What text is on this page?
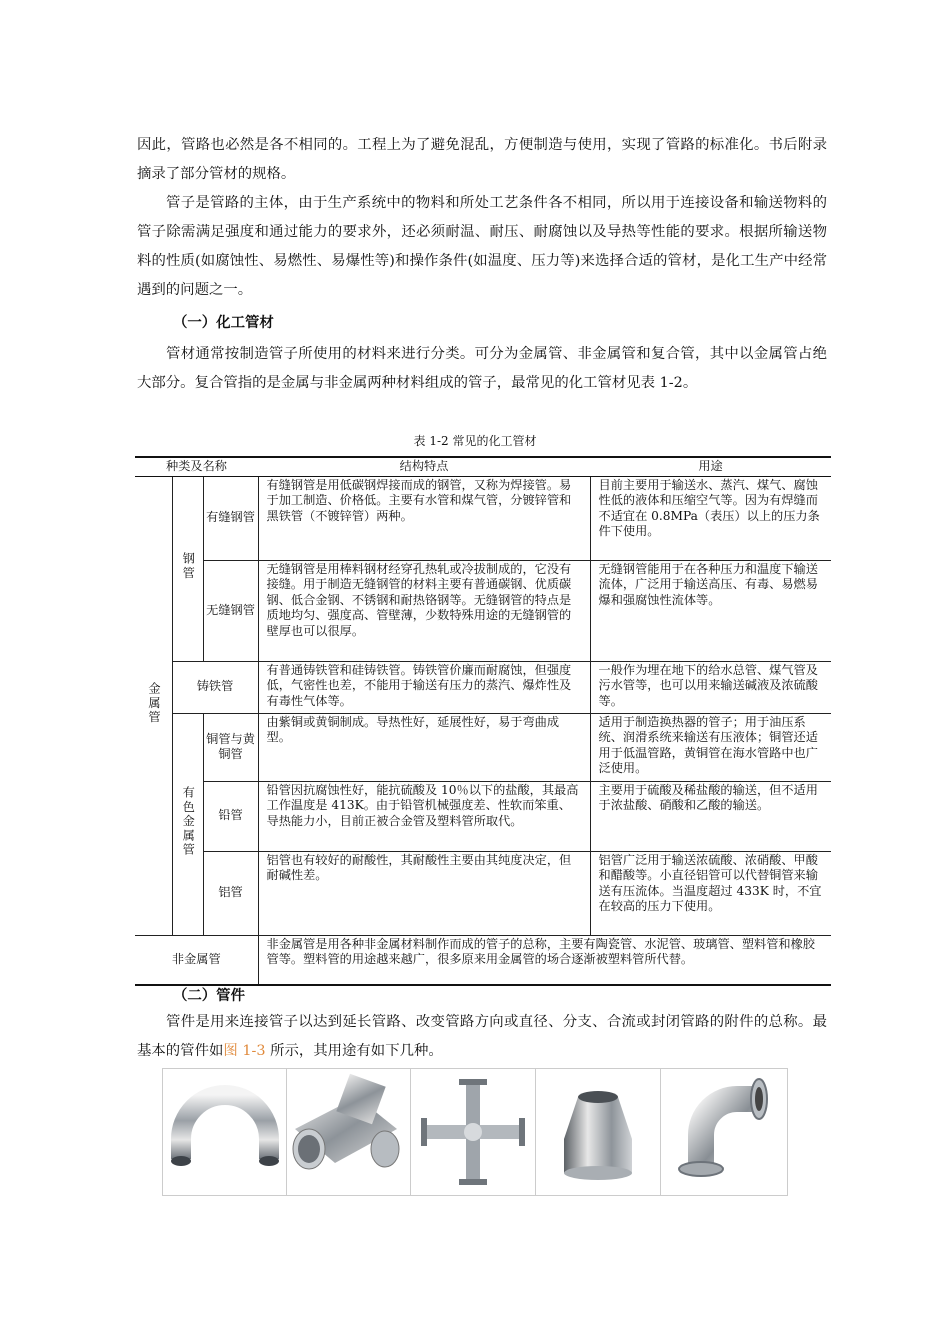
因此，管路也必然是各不相同的。工程上为了避免混乱，方便制造与使用，实现了管路的标准化。书后附录摘录了部分管材的规格。
管子是管路的主体，由于生产系统中的物料和所处工艺条件各不相同，所以用于连接设备和输送物料的管子除需满足强度和通过能力的要求外，还必须耐温、耐压、耐腐蚀以及导热等性能的要求。根据所输送物料的性质(如腐蚀性、易燃性、易爆性等)和操作条件(如温度、压力等)来选择合适的管材，是化工生产中经常遇到的问题之一。
（一）化工管材
管材通常按制造管子所使用的材料来进行分类。可分为金属管、非金属管和复合管，其中以金属管占绝大部分。复合管指的是金属与非金属两种材料组成的管子，最常见的化工管材见表 1-2。
表 1-2 常见的化工管材
种类及名称			结构特点	用途
金属管	钢管	有缝钢管	有缝钢管是用低碳钢焊接而成的钢管，又称为焊接管。易于加工制造、价格低。主要有水管和煤气管，分镀锌管和黑铁管（不镀锌管）两种。	目前主要用于输送水、蒸汽、煤气、腐蚀性低的液体和压缩空气等。因为有焊缝而不适宜在 0.8MPa（表压）以上的压力条件下使用。
		无缝钢管	无缝钢管是用棒料钢材经穿孔热轧或冷拔制成的，它没有接缝。用于制造无缝钢管的材料主要有普通碳钢、优质碳钢、低合金钢、不锈钢和耐热铬钢等。无缝钢管的特点是质地均匀、强度高、管壁薄，少数特殊用途的无缝钢管的壁厚也可以很厚。	无缝钢管能用于在各种压力和温度下输送流体，广泛用于输送高压、有毒、易燃易爆和强腐蚀性流体等。
	铸铁管		有普通铸铁管和硅铸铁管。铸铁管价廉而耐腐蚀，但强度低，气密性也差，不能用于输送有压力的蒸汽、爆炸性及有毒性气体等。	一般作为埋在地下的给水总管、煤气管及污水管等，也可以用来输送碱液及浓硫酸等。
	有色金属管	铜管与黄铜管	由紫铜或黄铜制成。导热性好，延展性好，易于弯曲成型。	适用于制造换热器的管子；用于油压系统、润滑系统来输送有压液体；铜管还适用于低温管路，黄铜管在海水管路中也广泛使用。
		铅管	铅管因抗腐蚀性好，能抗硫酸及 10％以下的盐酸，其最高工作温度是 413K。由于铅管机械强度差、性软而笨重、导热能力小，目前正被合金管及塑料管所取代。	主要用于硫酸及稀盐酸的输送，但不适用于浓盐酸、硝酸和乙酸的输送。
		铝管	铝管也有较好的耐酸性，其耐酸性主要由其纯度决定，但耐碱性差。	铝管广泛用于输送浓硫酸、浓硝酸、甲酸和醋酸等。小直径铝管可以代替铜管来输送有压流体。当温度超过 433K 时，不宜在较高的压力下使用。
非金属管			非金属管是用各种非金属材料制作而成的管子的总称，主要有陶瓷管、水泥管、玻璃管、塑料管和橡胶管等。塑料管的用途越来越广，很多原来用金属管的场合逐渐被塑料管所代替。	
（二）管件
管件是用来连接管子以达到延长管路、改变管路方向或直径、分支、合流或封闭管路的附件的总称。最基本的管件如图 1-3 所示，其用途有如下几种。
